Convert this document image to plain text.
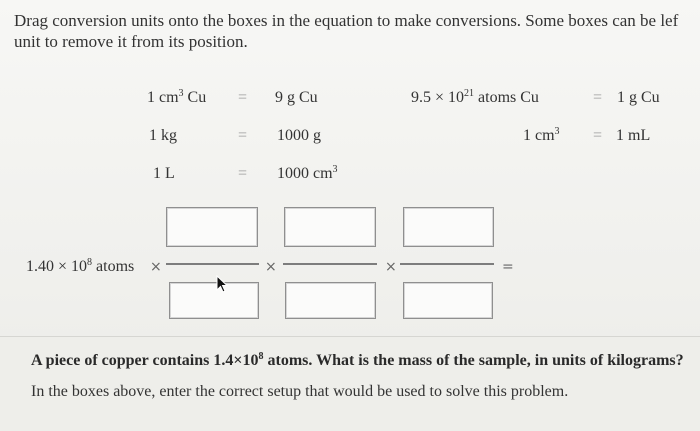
Drag conversion units onto the boxes in the equation to make conversions. Some boxes can be lef
unit to remove it from its position.
1 $cm^3$ Cu = 9 g Cu
1 kg	= 1000 g
1 L	= 1000 $cm^3$
$9.5 \times 10^{21}$ atoms Cu	= 1 g Cu
1 $cm^3 = 1$ mL
$1.40 \times 10^8$ atoms ×	×	×	=
A piece of copper contains $1.4\times 10^8$ atoms. What is the mass of the sample, in units of kilograms?
In the boxes above, enter the correct setup that would be used to solve this problem.
